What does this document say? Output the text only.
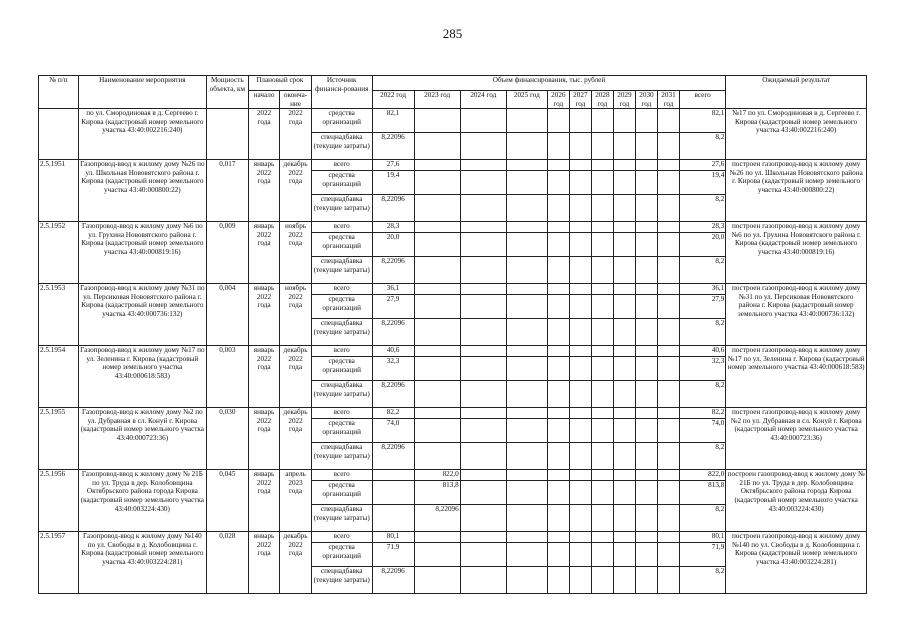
285
№ п/п	Наименование мероприятия	Мощность объекта, км	Плановый срок		Источник финанси-рования	Объем финансирования, тыс. рублей											Ожидаемый результат
			начало	оконча-ние		2022 год	2023 год	2024 год	2025 год	2026 год	2027 год	2028 год	2029 год	2030 год	2031 год	всего	

	по ул. Смородиновая в д. Сергеево г. Кирова (кадастровый номер земельного участка 43:40:002216:240)		2022 года	2022 года	средства организаций	82,1										82,1	№17 по ул. Смородиновая в д. Сергеево г. Кирова (кадастровый номер земельного участка 43:40:002216:240)
					спецнадбавка (текущие затраты)	8,22096										8,2	
2.5.1951	Газопровод-ввод к жилому дому №26 по ул. Школьная Нововятского района г. Кирова (кадастровый номер земельного участка 43:40:000800:22)	0,017	январь 2022 года	декабрь 2022 года	всего	27,6										27,6	построен газопровод-ввод к жилому дому №26 по ул. Школьная Нововятского района г. Кирова (кадастровый номер земельного участка 43:40:000800:22)
					средства организаций	19,4										19,4	
					спецнадбавка (текущие затраты)	8,22096										8,2	
2.5.1952	Газопровод-ввод к жилому дому №6 по ул. Грухина Нововятского района г. Кирова (кадастровый номер земельного участка 43:40:000819:16)	0,009	январь 2022 года	ноябрь 2022 года	всего	28,3										28,3	построен газопровод-ввод к жилому дому №6 по ул. Грухина Нововятского района г. Кирова (кадастровый номер земельного участка 43:40:000819:16)
					средства организаций	20,0										20,0	
					спецнадбавка (текущие затраты)	8,22096										8,2	
2.5.1953	Газопровод-ввод к жилому дому №31 по ул. Персиковая Нововятского района г. Кирова (кадастровый номер земельного участка 43:40:000736:132)	0,004	январь 2022 года	ноябрь 2022 года	всего	36,1										36,1	построен газопровод-ввод к жилому дому №31 по ул. Персиковая Нововятского района г. Кирова (кадастровый номер земельного участка 43:40:000736:132)
					средства организаций	27,9										27,9	
					спецнадбавка (текущие затраты)	8,22096										8,2	
2.5.1954	Газопровод-ввод к жилому дому №17 по ул. Зеленина г. Кирова (кадастровый номер земельного участка 43:40:000618:583)	0,003	январь 2022 года	декабрь 2022 года	всего	40,6										40,6	построен газопровод-ввод к жилому дому №17 по ул. Зеленина г. Кирова (кадастровый номер земельного участка 43:40:000618:583)
					средства организаций	32,3										32,3	
					спецнадбавка (текущие затраты)	8,22096										8,2	
2.5.1955	Газопровод-ввод к жилому дому №2 по ул. Дубравная в сл. Конуй г. Кирова (кадастровый номер земельного участка 43:40:000723:36)	0,030	январь 2022 года	декабрь 2022 года	всего	82,2										82,2	построен газопровод-ввод к жилому дому №2 по ул. Дубравная в сл. Конуй г. Кирова (кадастровый номер земельного участка 43:40:000723:36)
					средства организаций	74,0										74,0	
					спецнадбавка (текущие затраты)	8,22096										8,2	
2.5.1956	Газопровод-ввод к жилому дому № 21Б по ул. Труда в дер. Колобовщина Октябрьского района города Кирова (кадастровый номер земельного участка 43:40:003224:430)	0,045	январь 2022 года	апрель 2023 года	всего		822,0									822,0	построен газопровод-ввод к жилому дому № 21Б по ул. Труда в дер. Колобовщина Октябрьского района города Кирова (кадастровый номер земельного участка 43:40:003224:430)
					средства организаций		813,8									813,8	
					спецнадбавка (текущие затраты)		8,22096									8,2	
2.5.1957	Газопровод-ввод к жилому дому №140 по ул. Свободы в д. Колобовщина г. Кирова (кадастровый номер земельного участка 43:40:003224:281)	0,028	январь 2022 года	декабрь 2022 года	всего	80,1										80,1	построен газопровод-ввод к жилому дому №140 по ул. Свободы в д. Колобовщина г. Кирова (кадастровый номер земельного участка 43:40:003224:281)
					средства организаций	71,9										71,9	
					спецнадбавка (текущие затраты)	8,22096										8,2	
